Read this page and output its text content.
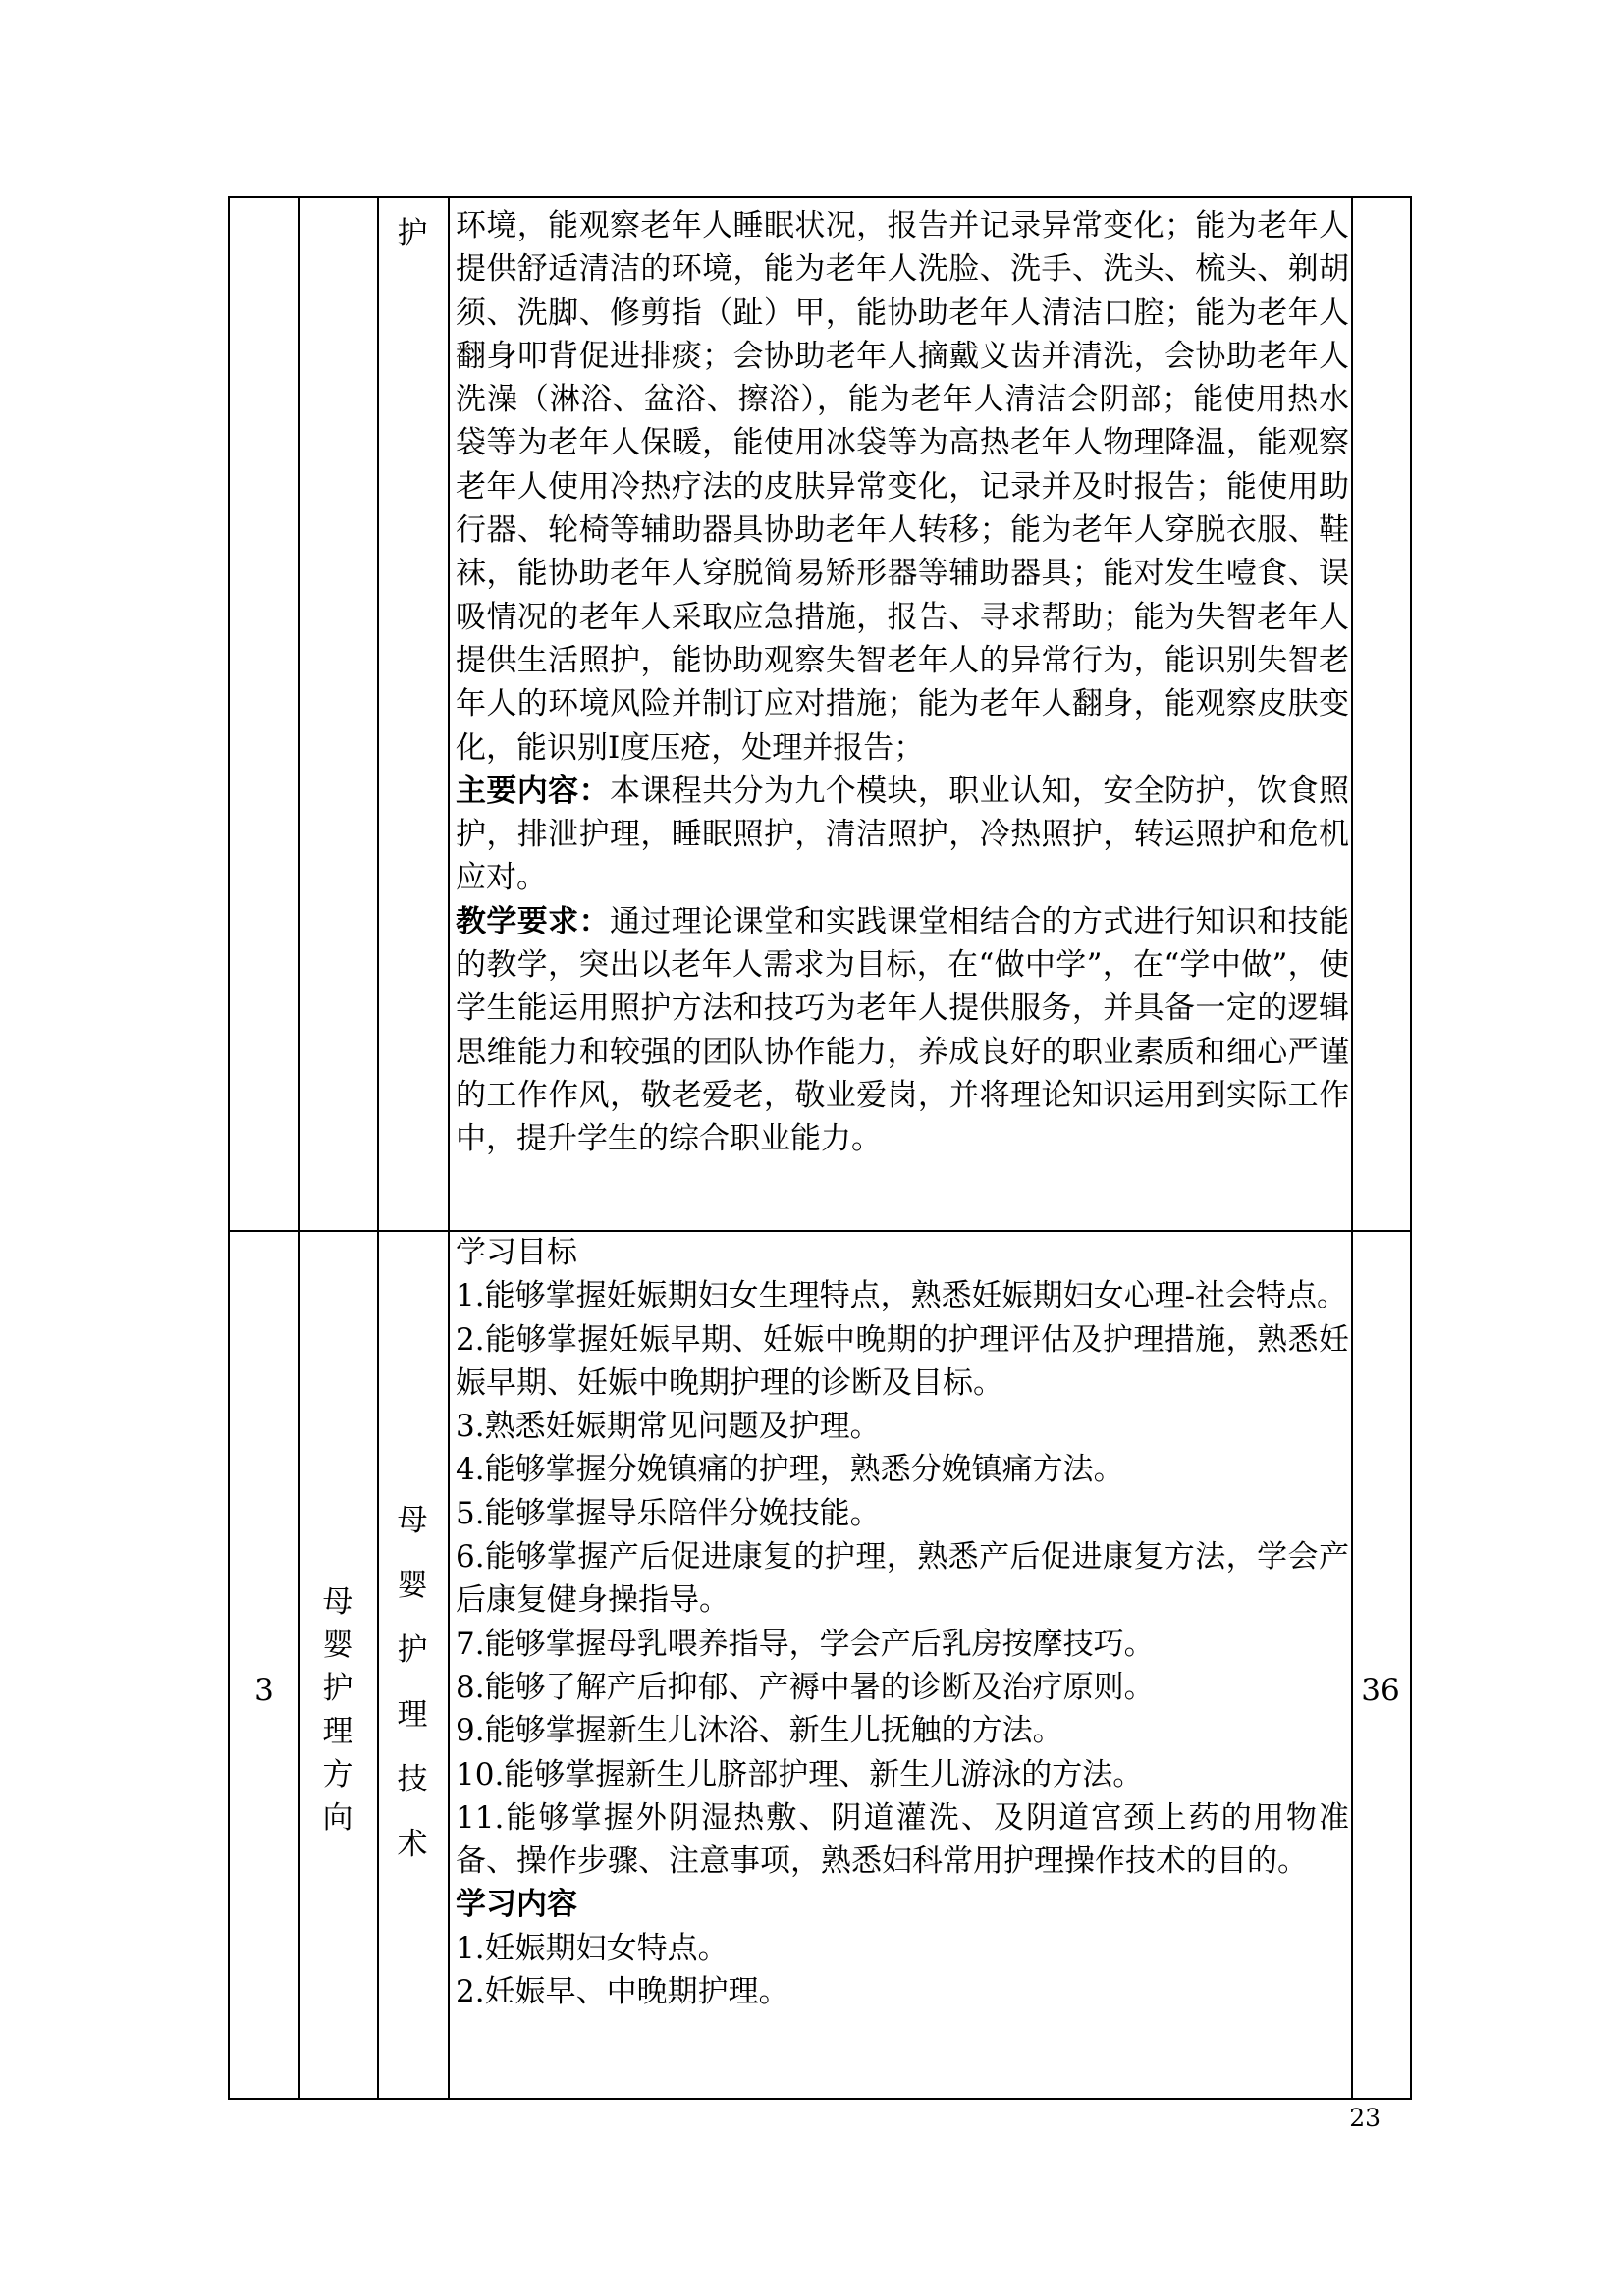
护 环境，能观察老年人睡眠状况，报告并记录异常变化；能为老年人提供舒适清洁的环境，能为老年人洗脸、洗手、洗头、梳头、剃胡须、洗脚、修剪指（趾）甲，能协助老年人清洁口腔；能为老年人翻身叩背促进排痰；会协助老年人摘戴义齿并清洗，会协助老年人洗澡（淋浴、盆浴、擦浴），能为老年人清洁会阴部；能使用热水袋等为老年人保暖，能使用冰袋等为高热老年人物理降温，能观察老年人使用冷热疗法的皮肤异常变化，记录并及时报告；能使用助行器、轮椅等辅助器具协助老年人转移；能为老年人穿脱衣服、鞋袜，能协助老年人穿脱简易矫形器等辅助器具；能对发生噎食、误吸情况的老年人采取应急措施，报告、寻求帮助；能为失智老年人提供生活照护，能协助观察失智老年人的异常行为，能识别失智老年人的环境风险并制订应对措施；能为老年人翻身，能观察皮肤变化，能识别Ⅰ度压疮，处理并报告；

主要内容：本课程共分为九个模块，职业认知，安全防护，饮食照护，排泄护理，睡眠照护，清洁照护，冷热照护，转运照护和危机应对。

教学要求：通过理论课堂和实践课堂相结合的方式进行知识和技能的教学，突出以老年人需求为目标，在“做中学”，在“学中做”，使学生能运用照护方法和技巧为老年人提供服务，并具备一定的逻辑思维能力和较强的团队协作能力，养成良好的职业素质和细心严谨的工作作风，敬老爱老，敬业爱岗，并将理论知识运用到实际工作中，提升学生的综合职业能力。

3
母
婴
护
理
方
向
母
婴
护
理
技
术

学习目标

1.能够掌握妊娠期妇女生理特点，熟悉妊娠期妇女心理-社会特点。

2.能够掌握妊娠早期、妊娠中晚期的护理评估及护理措施，熟悉妊娠早期、妊娠中晚期护理的诊断及目标。

3.熟悉妊娠期常见问题及护理。

4.能够掌握分娩镇痛的护理，熟悉分娩镇痛方法。

5.能够掌握导乐陪伴分娩技能。

6.能够掌握产后促进康复的护理，熟悉产后促进康复方法，学会产后康复健身操指导。

7.能够掌握母乳喂养指导，学会产后乳房按摩技巧。

8.能够了解产后抑郁、产褥中暑的诊断及治疗原则。

9.能够掌握新生儿沐浴、新生儿抚触的方法。

10.能够掌握新生儿脐部护理、新生儿游泳的方法。

11.能够掌握外阴湿热敷、阴道灌洗、及阴道宫颈上药的用物准备、操作步骤、注意事项，熟悉妇科常用护理操作技术的目的。

学习内容

1.妊娠期妇女特点。

2.妊娠早、中晚期护理。

36
23
